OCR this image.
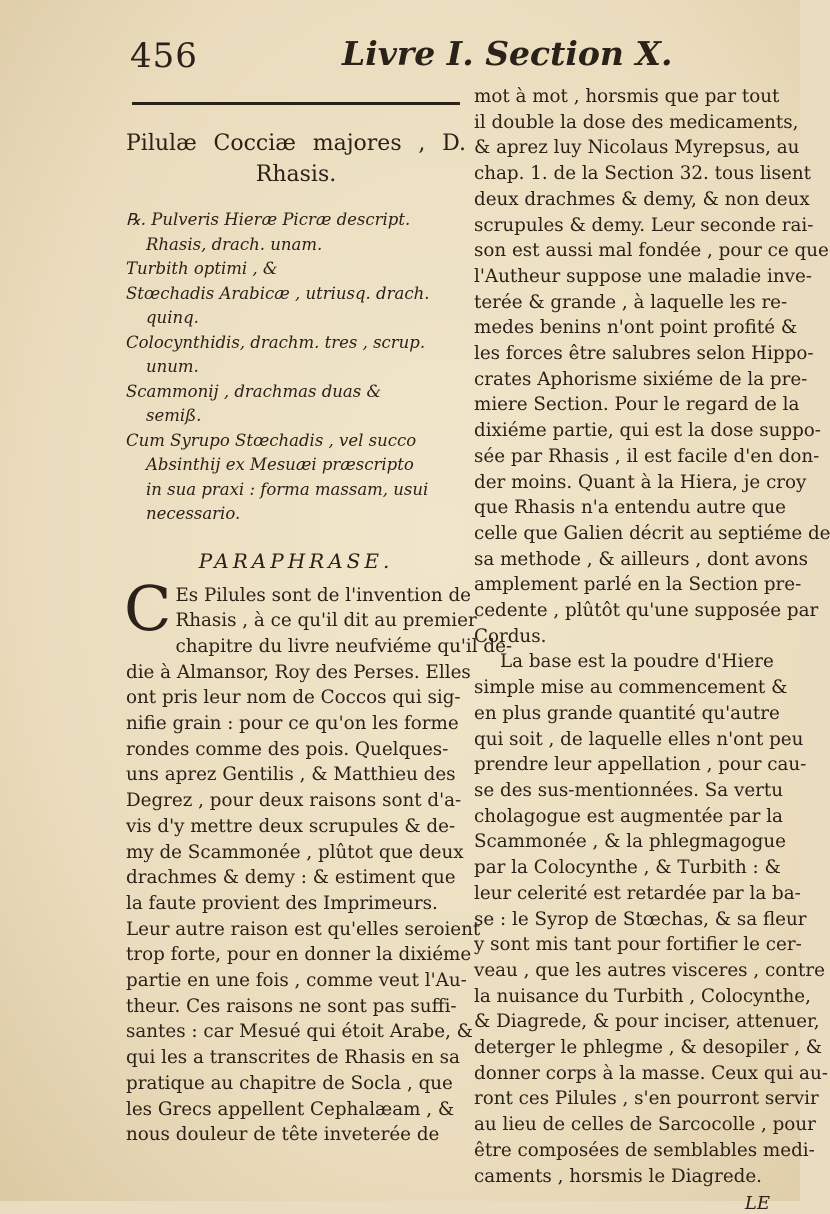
456	Livre I. Section X.
Pilulæ Cocciæ majores , D. Rhasis.
℞. Pulveris Hieræ Picræ descript.
Rhasis, drach. unam.
Turbith optimi , &
Stœchadis Arabicæ , utriusq. drach.
quinq.
Colocynthidis, drachm. tres , scrup.
unum.
Scammonij , drachmas duas &
semiß.
Cum Syrupo Stœchadis , vel succo
Absinthij ex Mesuæi præscripto
in sua praxi : forma massam, usui
necessario.
PARAPHRASE.
C Es Pilules sont de l'invention de
Rhasis , à ce qu'il dit au premier
chapitre du livre neufviéme qu'il de-
die à Almansor, Roy des Perses. Elles
ont pris leur nom de Coccos qui sig-
nifie grain : pour ce qu'on les forme
rondes comme des pois. Quelques-
uns aprez Gentilis , & Matthieu des
Degrez , pour deux raisons sont d'a-
vis d'y mettre deux scrupules & de-
my de Scammonée , plûtot que deux
drachmes & demy : & estiment que
la faute provient des Imprimeurs.
Leur autre raison est qu'elles seroient
trop forte, pour en donner la dixiéme
partie en une fois , comme veut l'Au-
theur. Ces raisons ne sont pas suffi-
santes : car Mesué qui étoit Arabe, &
qui les a transcrites de Rhasis en sa
pratique au chapitre de Socla , que
les Grecs appellent Cephalæam , &
nous douleur de tête inveterée de
mot à mot , horsmis que par tout
il double la dose des medicaments,
& aprez luy Nicolaus Myrepsus, au
chap. 1. de la Section 32. tous lisent
deux drachmes & demy, & non deux
scrupules & demy. Leur seconde rai-
son est aussi mal fondée , pour ce que
l'Autheur suppose une maladie inve-
terée & grande , à laquelle les re-
medes benins n'ont point profité &
les forces être salubres selon Hippo-
crates Aphorisme sixiéme de la pre-
miere Section. Pour le regard de la
dixiéme partie, qui est la dose suppo-
sée par Rhasis , il est facile d'en don-
der moins. Quant à la Hiera, je croy
que Rhasis n'a entendu autre que
celle que Galien décrit au septiéme de
sa methode , & ailleurs , dont avons
amplement parlé en la Section pre-
cedente , plûtôt qu'une supposée par
Cordus.
La base est la poudre d'Hiere
simple mise au commencement &
en plus grande quantité qu'autre
qui soit , de laquelle elles n'ont peu
prendre leur appellation , pour cau-
se des sus-mentionnées. Sa vertu
cholagogue est augmentée par la
Scammonée , & la phlegmagogue
par la Colocynthe , & Turbith : &
leur celerité est retardée par la ba-
se : le Syrop de Stœchas, & sa fleur
y sont mis tant pour fortifier le cer-
veau , que les autres visceres , contre
la nuisance du Turbith , Colocynthe,
& Diagrede, & pour inciser, attenuer,
deterger le phlegme , & desopiler , &
donner corps à la masse. Ceux qui au-
ront ces Pilules , s'en pourront servir
au lieu de celles de Sarcocolle , pour
être composées de semblables medi-
caments , horsmis le Diagrede.
LE
